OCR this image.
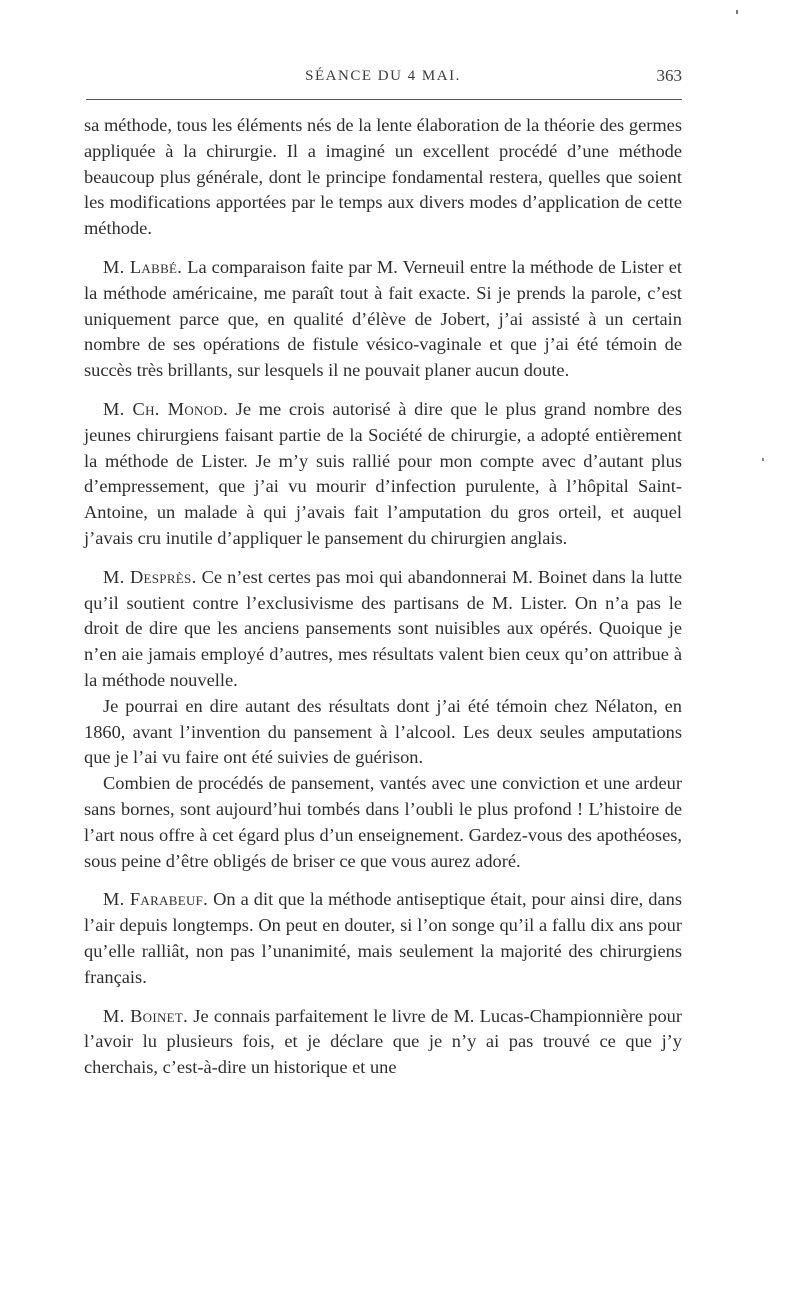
SÉANCE DU 4 MAI.	363

sa méthode, tous les éléments nés de la lente élaboration de la théorie des germes appliquée à la chirurgie. Il a imaginé un excellent procédé d’une méthode beaucoup plus générale, dont le principe fondamental restera, quelles que soient les modifications apportées par le temps aux divers modes d’application de cette méthode.

M. Labbé. La comparaison faite par M. Verneuil entre la méthode de Lister et la méthode américaine, me paraît tout à fait exacte. Si je prends la parole, c’est uniquement parce que, en qualité d’élève de Jobert, j’ai assisté à un certain nombre de ses opérations de fistule vésico-vaginale et que j’ai été témoin de succès très brillants, sur lesquels il ne pouvait planer aucun doute.

M. Ch. Monod. Je me crois autorisé à dire que le plus grand nombre des jeunes chirurgiens faisant partie de la Société de chirurgie, a adopté entièrement la méthode de Lister. Je m’y suis rallié pour mon compte avec d’autant plus d’empressement, que j’ai vu mourir d’infection purulente, à l’hôpital Saint-Antoine, un malade à qui j’avais fait l’amputation du gros orteil, et auquel j’avais cru inutile d’appliquer le pansement du chirurgien anglais.

M. Desprès. Ce n’est certes pas moi qui abandonnerai M. Boinet dans la lutte qu’il soutient contre l’exclusivisme des partisans de M. Lister. On n’a pas le droit de dire que les anciens pansements sont nuisibles aux opérés. Quoique je n’en aie jamais employé d’autres, mes résultats valent bien ceux qu’on attribue à la méthode nouvelle.

Je pourrai en dire autant des résultats dont j’ai été témoin chez Nélaton, en 1860, avant l’invention du pansement à l’alcool. Les deux seules amputations que je l’ai vu faire ont été suivies de guérison.

Combien de procédés de pansement, vantés avec une conviction et une ardeur sans bornes, sont aujourd’hui tombés dans l’oubli le plus profond ! L’histoire de l’art nous offre à cet égard plus d’un enseignement. Gardez-vous des apothéoses, sous peine d’être obligés de briser ce que vous aurez adoré.

M. Farabeuf. On a dit que la méthode antiseptique était, pour ainsi dire, dans l’air depuis longtemps. On peut en douter, si l’on songe qu’il a fallu dix ans pour qu’elle ralliât, non pas l’unanimité, mais seulement la majorité des chirurgiens français.

M. Boinet. Je connais parfaitement le livre de M. Lucas-Championnière pour l’avoir lu plusieurs fois, et je déclare que je n’y ai pas trouvé ce que j’y cherchais, c’est-à-dire un historique et une
